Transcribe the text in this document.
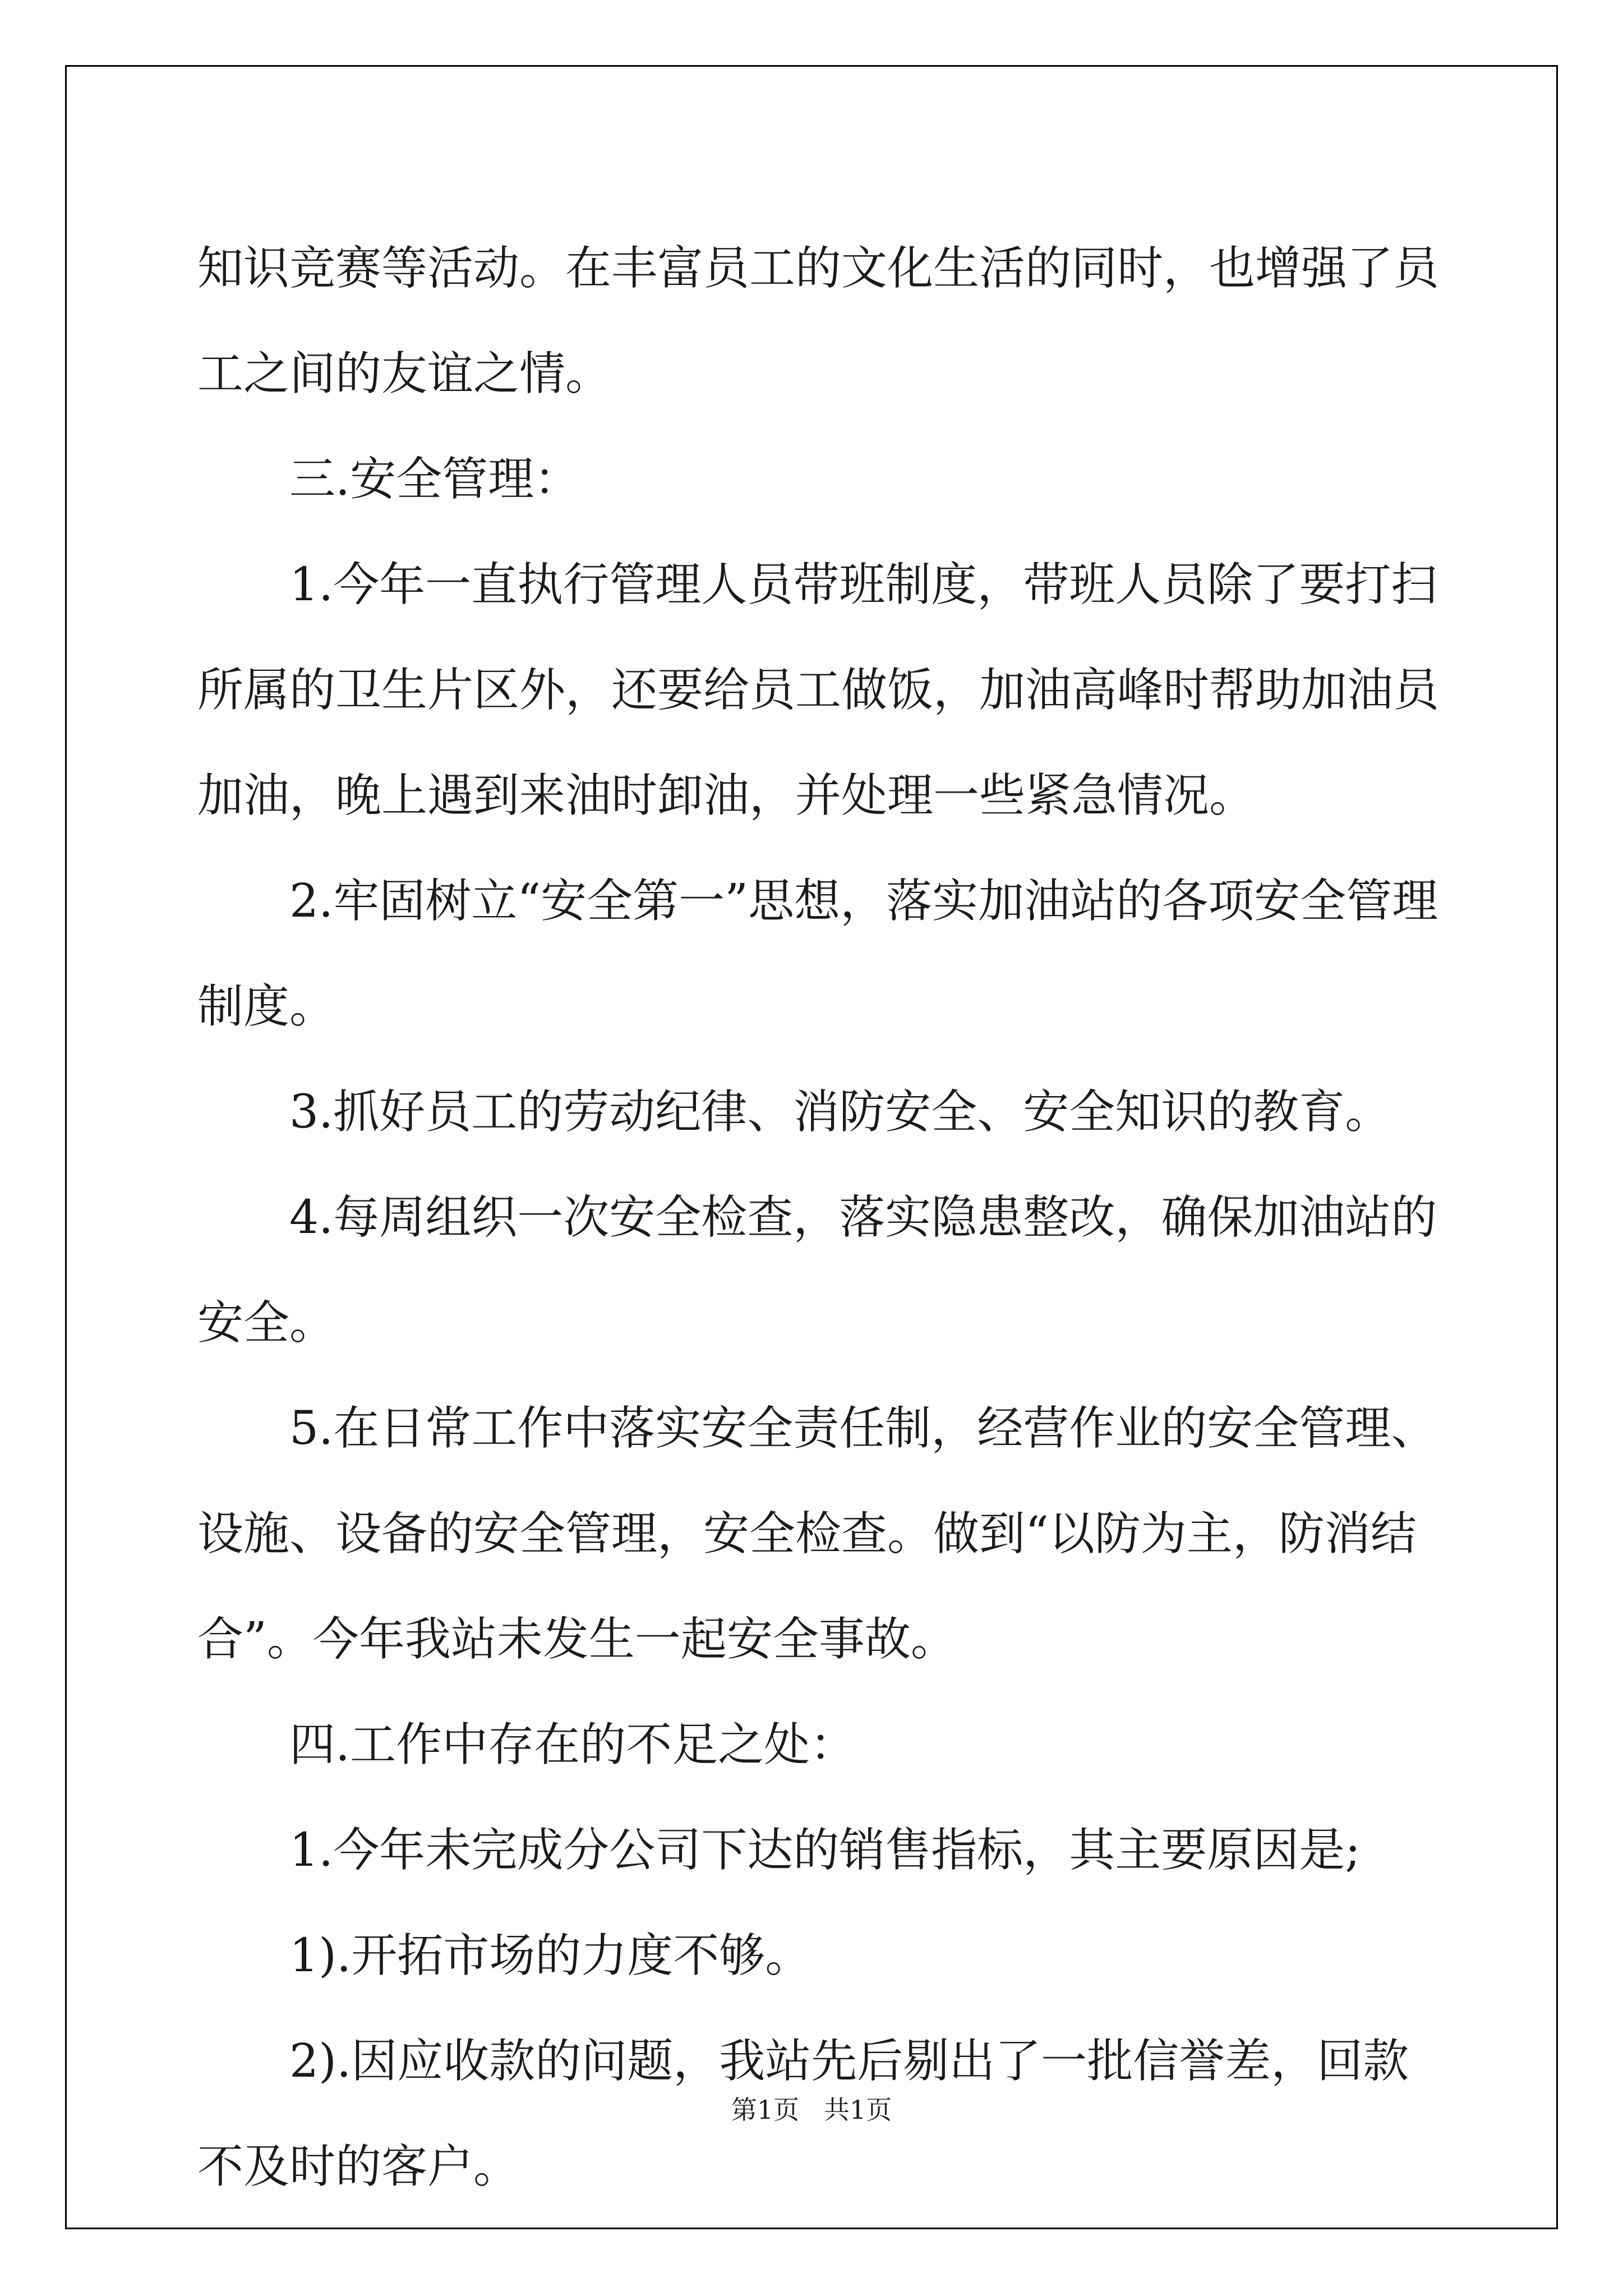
知识竞赛等活动。在丰富员工的文化生活的同时，也增强了员工之间的友谊之情。

三.安全管理：

1.今年一直执行管理人员带班制度，带班人员除了要打扫所属的卫生片区外，还要给员工做饭，加油高峰时帮助加油员加油，晚上遇到来油时卸油，并处理一些紧急情况。

2.牢固树立“安全第一”思想，落实加油站的各项安全管理制度。

3.抓好员工的劳动纪律、消防安全、安全知识的教育。

4.每周组织一次安全检查，落实隐患整改，确保加油站的安全。

5.在日常工作中落实安全责任制，经营作业的安全管理、设施、设备的安全管理，安全检查。做到“以防为主，防消结合”。今年我站未发生一起安全事故。

四.工作中存在的不足之处：

1.今年未完成分公司下达的销售指标，其主要原因是;

1).开拓市场的力度不够。

2).因应收款的问题，我站先后剔出了一批信誉差，回款不及时的客户。

第1页   共1页
